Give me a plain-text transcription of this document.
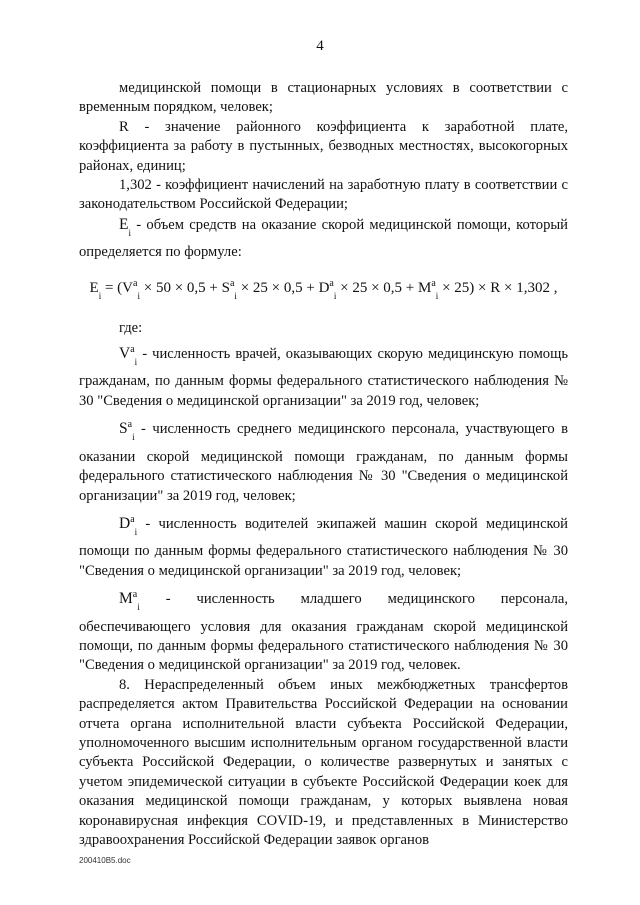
4

медицинской помощи в стационарных условиях в соответствии с временным порядком, человек;

R - значение районного коэффициента к заработной плате, коэффициента за работу в пустынных, безводных местностях, высокогорных районах, единиц;

1,302 - коэффициент начислений на заработную плату в соответствии с законодательством Российской Федерации;

$E_i$ - объем средств на оказание скорой медицинской помощи, который определяется по формуле:

$E_i = (V^a_i \times 50 \times 0,5 + S^a_i \times 25 \times 0,5 + D^a_i \times 25 \times 0,5 + M^a_i \times 25) \times R \times 1,302$ ,

где:

$V^a_i$ - численность врачей, оказывающих скорую медицинскую помощь гражданам, по данным формы федерального статистического наблюдения № 30 "Сведения о медицинской организации" за 2019 год, человек;

$S^a_i$ - численность среднего медицинского персонала, участвующего в оказании скорой медицинской помощи гражданам, по данным формы федерального статистического наблюдения № 30 "Сведения о медицинской организации" за 2019 год, человек;

$D^a_i$ - численность водителей экипажей машин скорой медицинской помощи по данным формы федерального статистического наблюдения № 30 "Сведения о медицинской организации" за 2019 год, человек;

$M^a_i$ - численность младшего медицинского персонала, обеспечивающего условия для оказания гражданам скорой медицинской помощи, по данным формы федерального статистического наблюдения № 30 "Сведения о медицинской организации" за 2019 год, человек.

8. Нераспределенный объем иных межбюджетных трансфертов распределяется актом Правительства Российской Федерации на основании отчета органа исполнительной власти субъекта Российской Федерации, уполномоченного высшим исполнительным органом государственной власти субъекта Российской Федерации, о количестве развернутых и занятых с учетом эпидемической ситуации в субъекте Российской Федерации коек для оказания медицинской помощи гражданам, у которых выявлена новая коронавирусная инфекция COVID-19, и представленных в Министерство здравоохранения Российской Федерации заявок органов

200410В5.doc
